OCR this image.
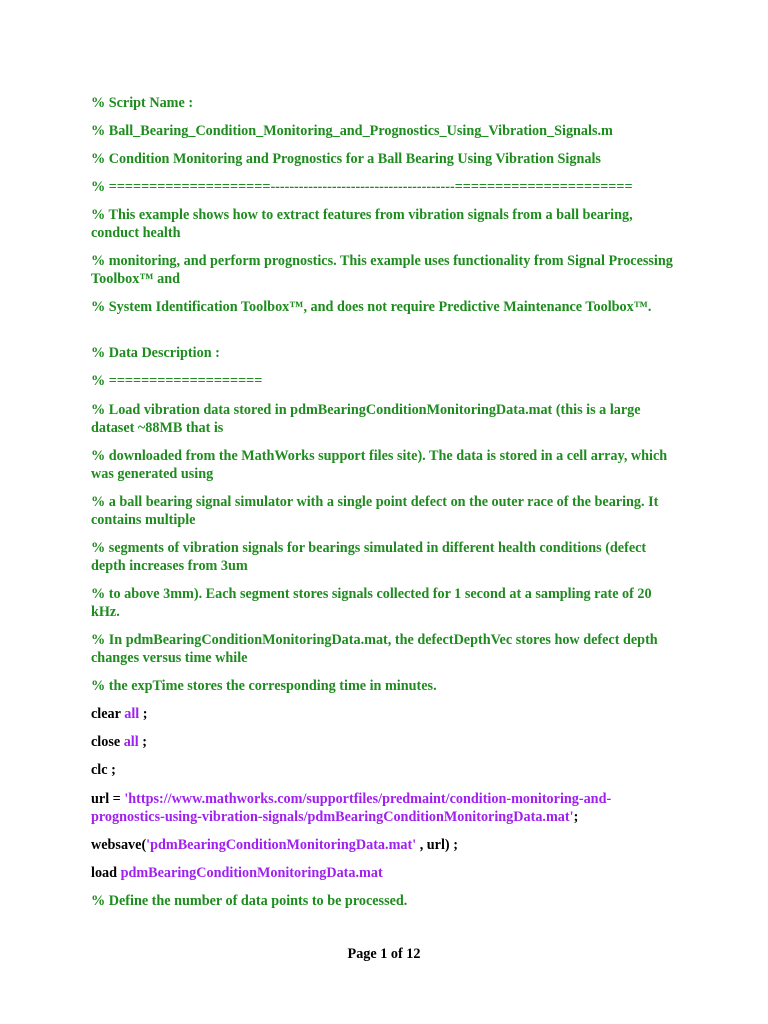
% Script Name :

% Ball_Bearing_Condition_Monitoring_and_Prognostics_Using_Vibration_Signals.m

% Condition Monitoring and Prognostics for a Ball Bearing Using Vibration Signals

% ====================---------------------------------------======================

% This example shows how to extract features from vibration signals from a ball bearing, conduct health

% monitoring, and perform prognostics. This example uses functionality from Signal Processing Toolbox™ and

% System Identification Toolbox™, and does not require Predictive Maintenance Toolbox™.

% Data Description :

% ===================

% Load vibration data stored in pdmBearingConditionMonitoringData.mat (this is a large dataset ~88MB that is

% downloaded from the MathWorks support files site). The data is stored in a cell array, which was generated using

% a ball bearing signal simulator with a single point defect on the outer race of the bearing. It contains multiple

% segments of vibration signals for bearings simulated in different health conditions (defect depth increases from 3um

% to above 3mm). Each segment stores signals collected for 1 second at a sampling rate of 20 kHz.

% In pdmBearingConditionMonitoringData.mat, the defectDepthVec stores how defect depth changes versus time while

% the expTime stores the corresponding time in minutes.

clear all ;

close all ;

clc ;

url = 'https://www.mathworks.com/supportfiles/predmaint/condition-monitoring-and-prognostics-using-vibration-signals/pdmBearingConditionMonitoringData.mat';

websave('pdmBearingConditionMonitoringData.mat' , url) ;

load pdmBearingConditionMonitoringData.mat

% Define the number of data points to be processed.

Page 1 of 12
